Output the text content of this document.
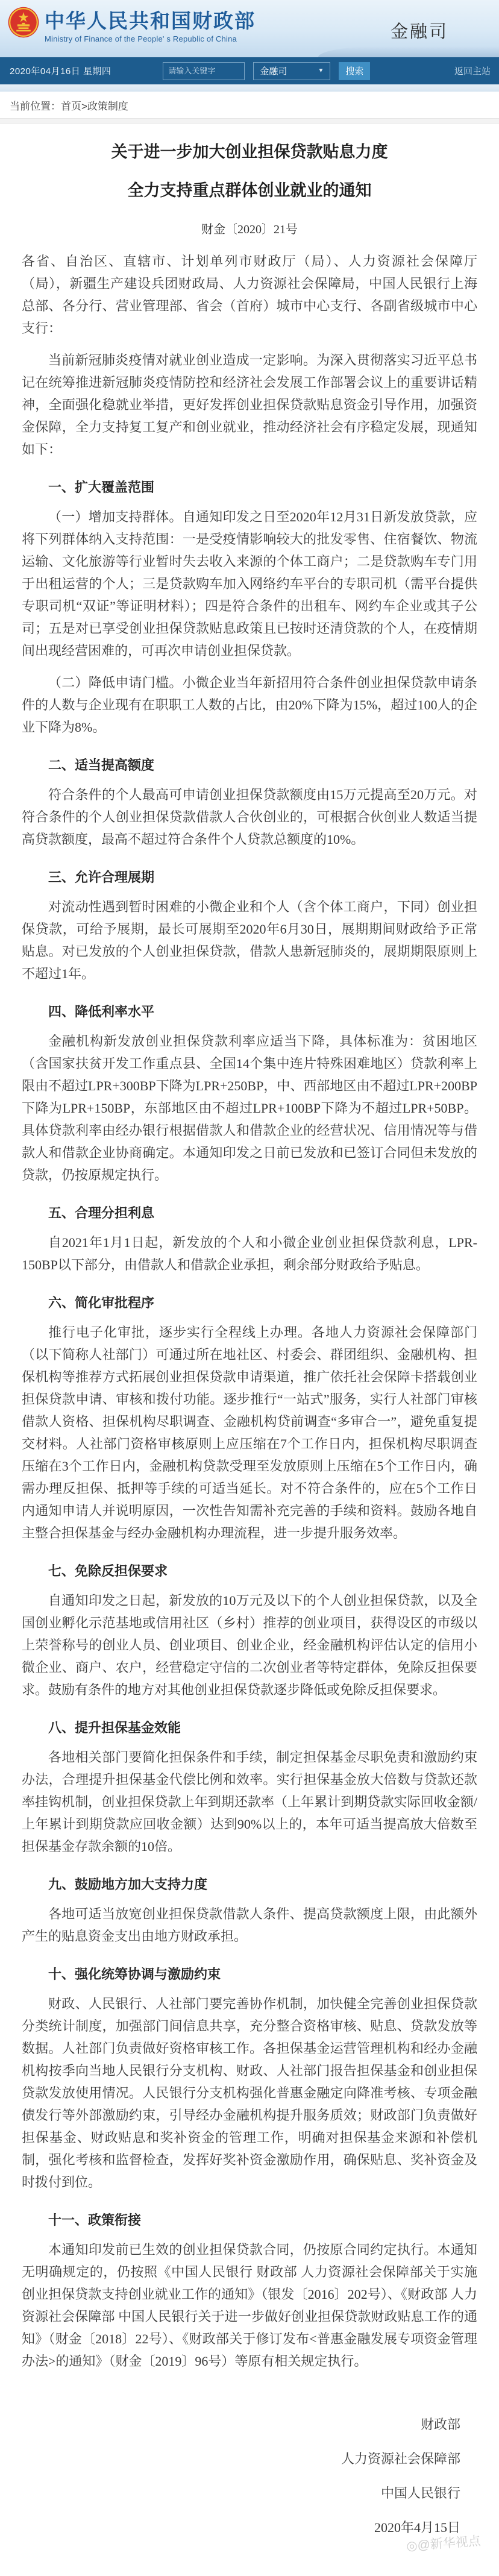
中华人民共和国财政部
Ministry of Finance of the People' s Republic of China	金融司
2020年04月16日 星期四
请输入关键字	金融司	▼	搜索	返回主站
当前位置： 首页>政策制度
关于进一步加大创业担保贷款贴息力度
全力支持重点群体创业就业的通知
财金〔2020〕21号

各省、自治区、直辖市、计划单列市财政厅（局）、人力资源社会保障厅（局），新疆生产建设兵团财政局、人力资源社会保障局，中国人民银行上海总部、各分行、营业管理部、省会（首府）城市中心支行、各副省级城市中心支行：

当前新冠肺炎疫情对就业创业造成一定影响。为深入贯彻落实习近平总书记在统筹推进新冠肺炎疫情防控和经济社会发展工作部署会议上的重要讲话精神，全面强化稳就业举措，更好发挥创业担保贷款贴息资金引导作用，加强资金保障，全力支持复工复产和创业就业，推动经济社会有序稳定发展，现通知如下：

一、扩大覆盖范围

（一）增加支持群体。自通知印发之日至2020年12月31日新发放贷款，应将下列群体纳入支持范围：一是受疫情影响较大的批发零售、住宿餐饮、物流运输、文化旅游等行业暂时失去收入来源的个体工商户；二是贷款购车专门用于出租运营的个人；三是贷款购车加入网络约车平台的专职司机（需平台提供专职司机“双证”等证明材料）；四是符合条件的出租车、网约车企业或其子公司；五是对已享受创业担保贷款贴息政策且已按时还清贷款的个人，在疫情期间出现经营困难的，可再次申请创业担保贷款。

（二）降低申请门槛。小微企业当年新招用符合条件创业担保贷款申请条件的人数与企业现有在职职工人数的占比，由20%下降为15%，超过100人的企业下降为8%。

二、适当提高额度

符合条件的个人最高可申请创业担保贷款额度由15万元提高至20万元。对符合条件的个人创业担保贷款借款人合伙创业的，可根据合伙创业人数适当提高贷款额度，最高不超过符合条件个人贷款总额度的10%。

三、允许合理展期

对流动性遇到暂时困难的小微企业和个人（含个体工商户，下同）创业担保贷款，可给予展期，最长可展期至2020年6月30日，展期期间财政给予正常贴息。对已发放的个人创业担保贷款，借款人患新冠肺炎的，展期期限原则上不超过1年。

四、降低利率水平

金融机构新发放创业担保贷款利率应适当下降，具体标准为：贫困地区（含国家扶贫开发工作重点县、全国14个集中连片特殊困难地区）贷款利率上限由不超过LPR+300BP下降为LPR+250BP，中、西部地区由不超过LPR+200BP下降为LPR+150BP，东部地区由不超过LPR+100BP下降为不超过LPR+50BP。具体贷款利率由经办银行根据借款人和借款企业的经营状况、信用情况等与借款人和借款企业协商确定。本通知印发之日前已发放和已签订合同但未发放的贷款，仍按原规定执行。

五、合理分担利息

自2021年1月1日起，新发放的个人和小微企业创业担保贷款利息，LPR-150BP以下部分，由借款人和借款企业承担，剩余部分财政给予贴息。

六、简化审批程序

推行电子化审批，逐步实行全程线上办理。各地人力资源社会保障部门（以下简称人社部门）可通过所在地社区、村委会、群团组织、金融机构、担保机构等推荐方式拓展创业担保贷款申请渠道，推广依托社会保障卡搭载创业担保贷款申请、审核和拨付功能。逐步推行“一站式”服务，实行人社部门审核借款人资格、担保机构尽职调查、金融机构贷前调查“多审合一”，避免重复提交材料。人社部门资格审核原则上应压缩在7个工作日内，担保机构尽职调查压缩在3个工作日内，金融机构贷款受理至发放原则上压缩在5个工作日内，确需办理反担保、抵押等手续的可适当延长。对不符合条件的，应在5个工作日内通知申请人并说明原因，一次性告知需补充完善的手续和资料。鼓励各地自主整合担保基金与经办金融机构办理流程，进一步提升服务效率。

七、免除反担保要求

自通知印发之日起，新发放的10万元及以下的个人创业担保贷款，以及全国创业孵化示范基地或信用社区（乡村）推荐的创业项目，获得设区的市级以上荣誉称号的创业人员、创业项目、创业企业，经金融机构评估认定的信用小微企业、商户、农户，经营稳定守信的二次创业者等特定群体，免除反担保要求。鼓励有条件的地方对其他创业担保贷款逐步降低或免除反担保要求。

八、提升担保基金效能

各地相关部门要简化担保条件和手续，制定担保基金尽职免责和激励约束办法，合理提升担保基金代偿比例和效率。实行担保基金放大倍数与贷款还款率挂钩机制，创业担保贷款上年到期还款率（上年累计到期贷款实际回收金额/上年累计到期贷款应回收金额）达到90%以上的，本年可适当提高放大倍数至担保基金存款余额的10倍。

九、鼓励地方加大支持力度

各地可适当放宽创业担保贷款借款人条件、提高贷款额度上限，由此额外产生的贴息资金支出由地方财政承担。

十、强化统筹协调与激励约束

财政、人民银行、人社部门要完善协作机制，加快健全完善创业担保贷款分类统计制度，加强部门间信息共享，充分整合资格审核、贴息、贷款发放等数据。人社部门负责做好资格审核工作。各担保基金运营管理机构和经办金融机构按季向当地人民银行分支机构、财政、人社部门报告担保基金和创业担保贷款发放使用情况。人民银行分支机构强化普惠金融定向降准考核、专项金融债发行等外部激励约束，引导经办金融机构提升服务质效；财政部门负责做好担保基金、财政贴息和奖补资金的管理工作，明确对担保基金来源和补偿机制，强化考核和监督检查，发挥好奖补资金激励作用，确保贴息、奖补资金及时拨付到位。

十一、政策衔接

本通知印发前已生效的创业担保贷款合同，仍按原合同约定执行。本通知无明确规定的，仍按照《中国人民银行 财政部 人力资源社会保障部关于实施创业担保贷款支持创业就业工作的通知》（银发〔2016〕202号）、《财政部 人力资源社会保障部 中国人民银行关于进一步做好创业担保贷款财政贴息工作的通知》（财金〔2018〕22号）、《财政部关于修订发布<普惠金融发展专项资金管理办法>的通知》（财金〔2019〕96号）等原有相关规定执行。

财政部
人力资源社会保障部
中国人民银行
2020年4月15日
◎@新华视点
